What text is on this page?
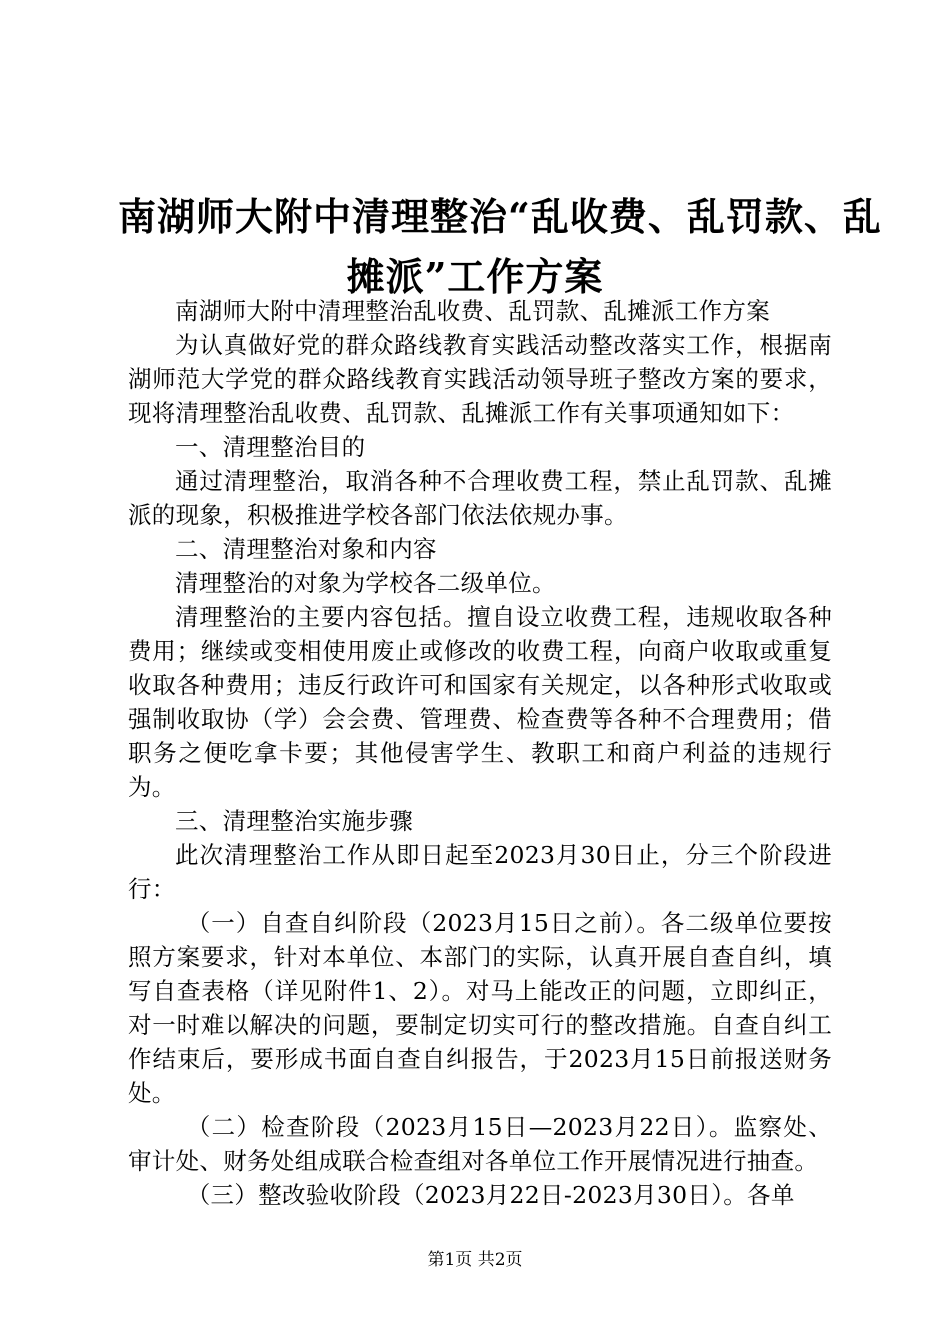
南湖师大附中清理整治“乱收费、乱罚款、乱
摊派”工作方案

南湖师大附中清理整治乱收费、乱罚款、乱摊派工作方案

为认真做好党的群众路线教育实践活动整改落实工作，根据南湖师范大学党的群众路线教育实践活动领导班子整改方案的要求，现将清理整治乱收费、乱罚款、乱摊派工作有关事项通知如下：

一、清理整治目的

通过清理整治，取消各种不合理收费工程，禁止乱罚款、乱摊派的现象，积极推进学校各部门依法依规办事。

二、清理整治对象和内容

清理整治的对象为学校各二级单位。

清理整治的主要内容包括。擅自设立收费工程，违规收取各种费用；继续或变相使用废止或修改的收费工程，向商户收取或重复收取各种费用；违反行政许可和国家有关规定，以各种形式收取或强制收取协（学）会会费、管理费、检查费等各种不合理费用；借职务之便吃拿卡要；其他侵害学生、教职工和商户利益的违规行为。

三、清理整治实施步骤

此次清理整治工作从即日起至2023月30日止，分三个阶段进行：

（一）自查自纠阶段（2023月15日之前）。各二级单位要按照方案要求，针对本单位、本部门的实际，认真开展自查自纠，填写自查表格（详见附件1、2）。对马上能改正的问题，立即纠正，对一时难以解决的问题，要制定切实可行的整改措施。自查自纠工作结束后，要形成书面自查自纠报告，于2023月15日前报送财务处。

（二）检查阶段（2023月15日—2023月22日）。监察处、审计处、财务处组成联合检查组对各单位工作开展情况进行抽查。

（三）整改验收阶段（2023月22日-2023月30日）。各单

第1页 共2页
